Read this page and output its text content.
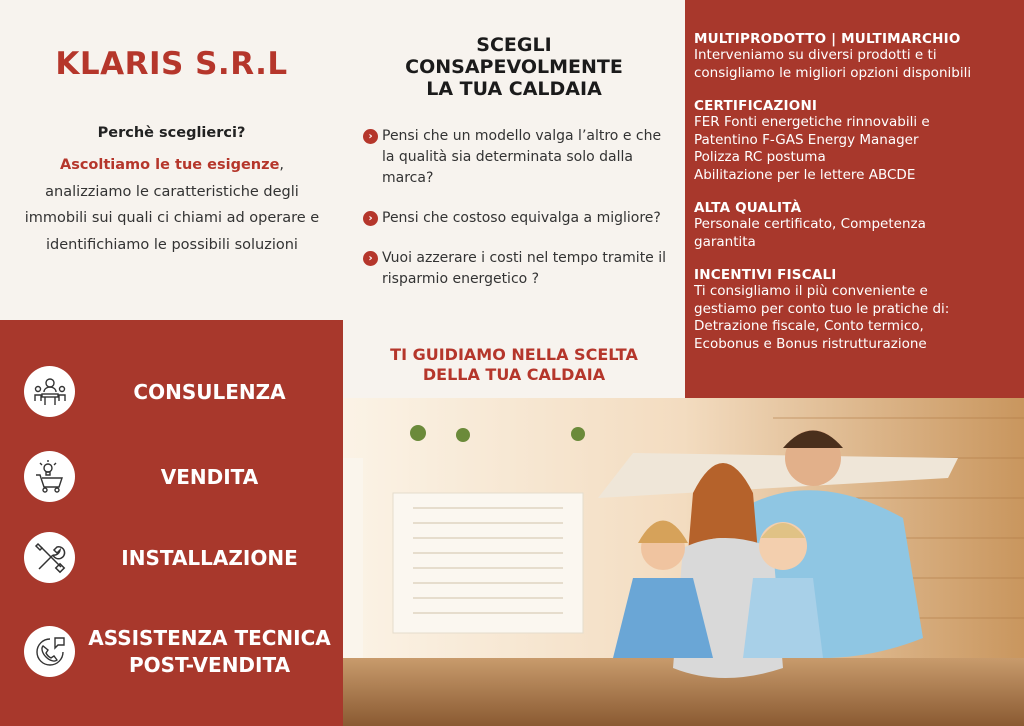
KLARIS S.R.L
Perchè sceglierci?
Ascoltiamo le tue esigenze, analizziamo le caratteristiche degli immobili sui quali ci chiami ad operare e identifichiamo le possibili soluzioni
CONSULENZA
VENDITA
INSTALLAZIONE
ASSISTENZA TECNICA POST-VENDITA
SCEGLI
CONSAPEVOLMENTE
LA TUA CALDAIA
› Pensi che un modello valga l’altro e che la qualità sia determinata solo dalla marca?
› Pensi che costoso equivalga a migliore?
› Vuoi azzerare i costi nel tempo tramite il risparmio energetico ?
TI GUIDIAMO NELLA SCELTA
DELLA TUA CALDAIA
MULTIPRODOTTO | MULTIMARCHIO

Interveniamo su diversi prodotti e ti
consigliamo le migliori opzioni disponibili

CERTIFICAZIONI

FER Fonti energetiche rinnovabili e
Patentino F-GAS Energy Manager
Polizza RC postuma
Abilitazione per le lettere ABCDE

ALTA QUALITÀ

Personale certificato, Competenza
garantita

INCENTIVI FISCALI

Ti consigliamo il più conveniente e
gestiamo per conto tuo le pratiche di:
Detrazione fiscale, Conto termico,
Ecobonus e Bonus ristrutturazione
